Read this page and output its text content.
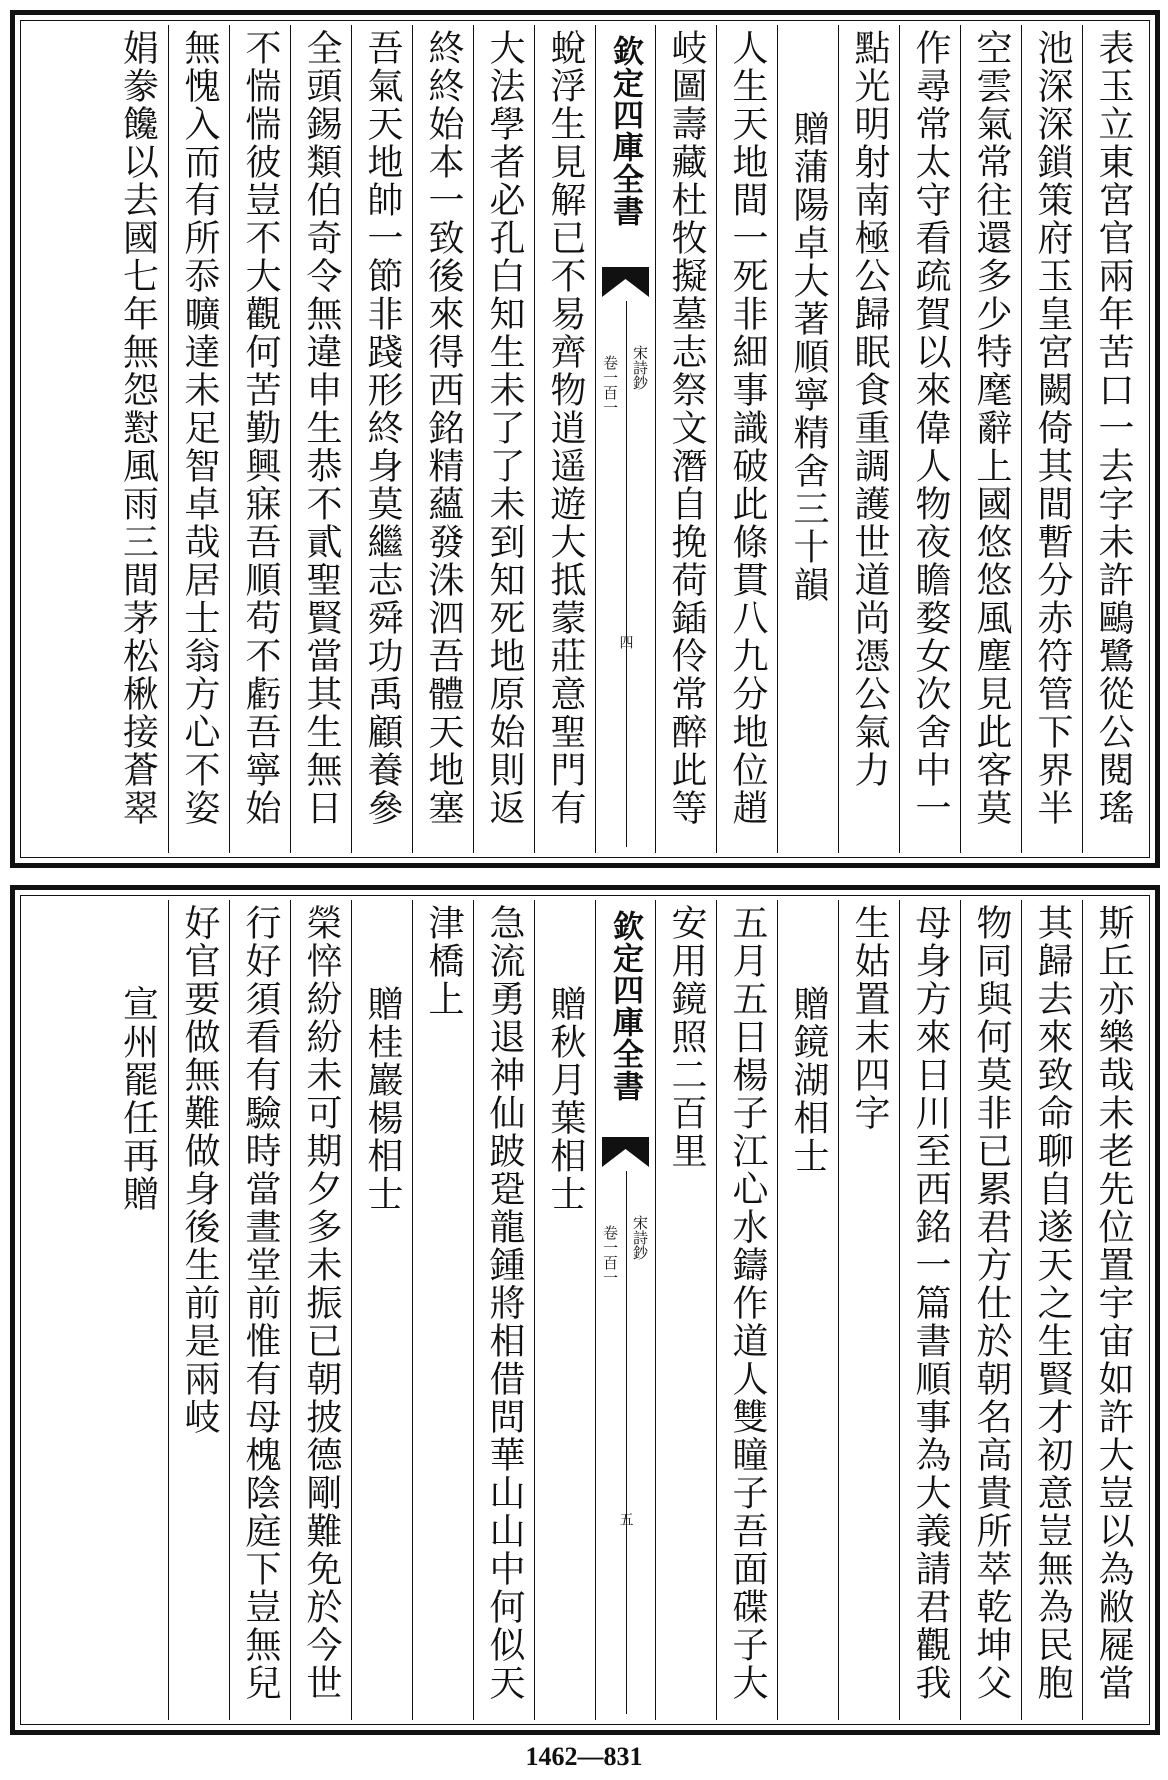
表玉立東宮官兩年苦口一去字未許鷗鷺從公閱瑤
池深深鎖策府玉皇宮闕倚其間暫分赤符管下界半
空雲氣常往還多少特麾辭上國悠悠風塵見此客莫
作尋常太守看疏賀以來偉人物夜瞻婺女次舍中一
點光明射南極公歸眠食重調護世道尚憑公氣力
贈蒲陽卓大著順寧精舍三十韻
人生天地間一死非細事識破此條貫八九分地位趙
岐圖壽藏杜牧擬墓志祭文潛自挽荷鍤伶常醉此等
欽定四庫全書
宋詩鈔
卷一百一
四
蛻浮生見解已不易齊物逍遥遊大抵蒙莊意聖門有
大法學者必孔白知生未了了未到知死地原始則返
終終始本一致後來得西銘精蘊發洙泗吾體天地塞
吾氣天地帥一節非踐形終身莫繼志舜功禹顧養參
全頭錫類伯奇令無違申生恭不貳聖賢當其生無日
不惴惴彼豈不大觀何苦勤興寐吾順苟不虧吾寧始
無愧入而有所忝曠達未足智卓哉居士翁方心不姿
娟豢饞以去國七年無怨懟風雨三間茅松楸接蒼翠
斯丘亦樂哉未老先位置宇宙如許大豈以為敝屣當
其歸去來致命聊自遂天之生賢才初意豈無為民胞
物同與何莫非已累君方仕於朝名高貴所萃乾坤父
母身方來日川至西銘一篇書順事為大義請君觀我
生姑置末四字
贈鏡湖相士
五月五日楊子江心水鑄作道人雙瞳子吾面碟子大
安用鏡照二百里
欽定四庫全書
宋詩鈔
卷一百一
五
贈秋月葉相士
急流勇退神仙跛跫龍鍾將相借問華山山中何似天
津橋上
贈桂巖楊相士
榮悴紛紛未可期夕多未振已朝披德剛難免於今世
行好須看有驗時當晝堂前惟有母槐陰庭下豈無兒
好官要做無難做身後生前是兩岐
宣州罷任再贈
1462—831
